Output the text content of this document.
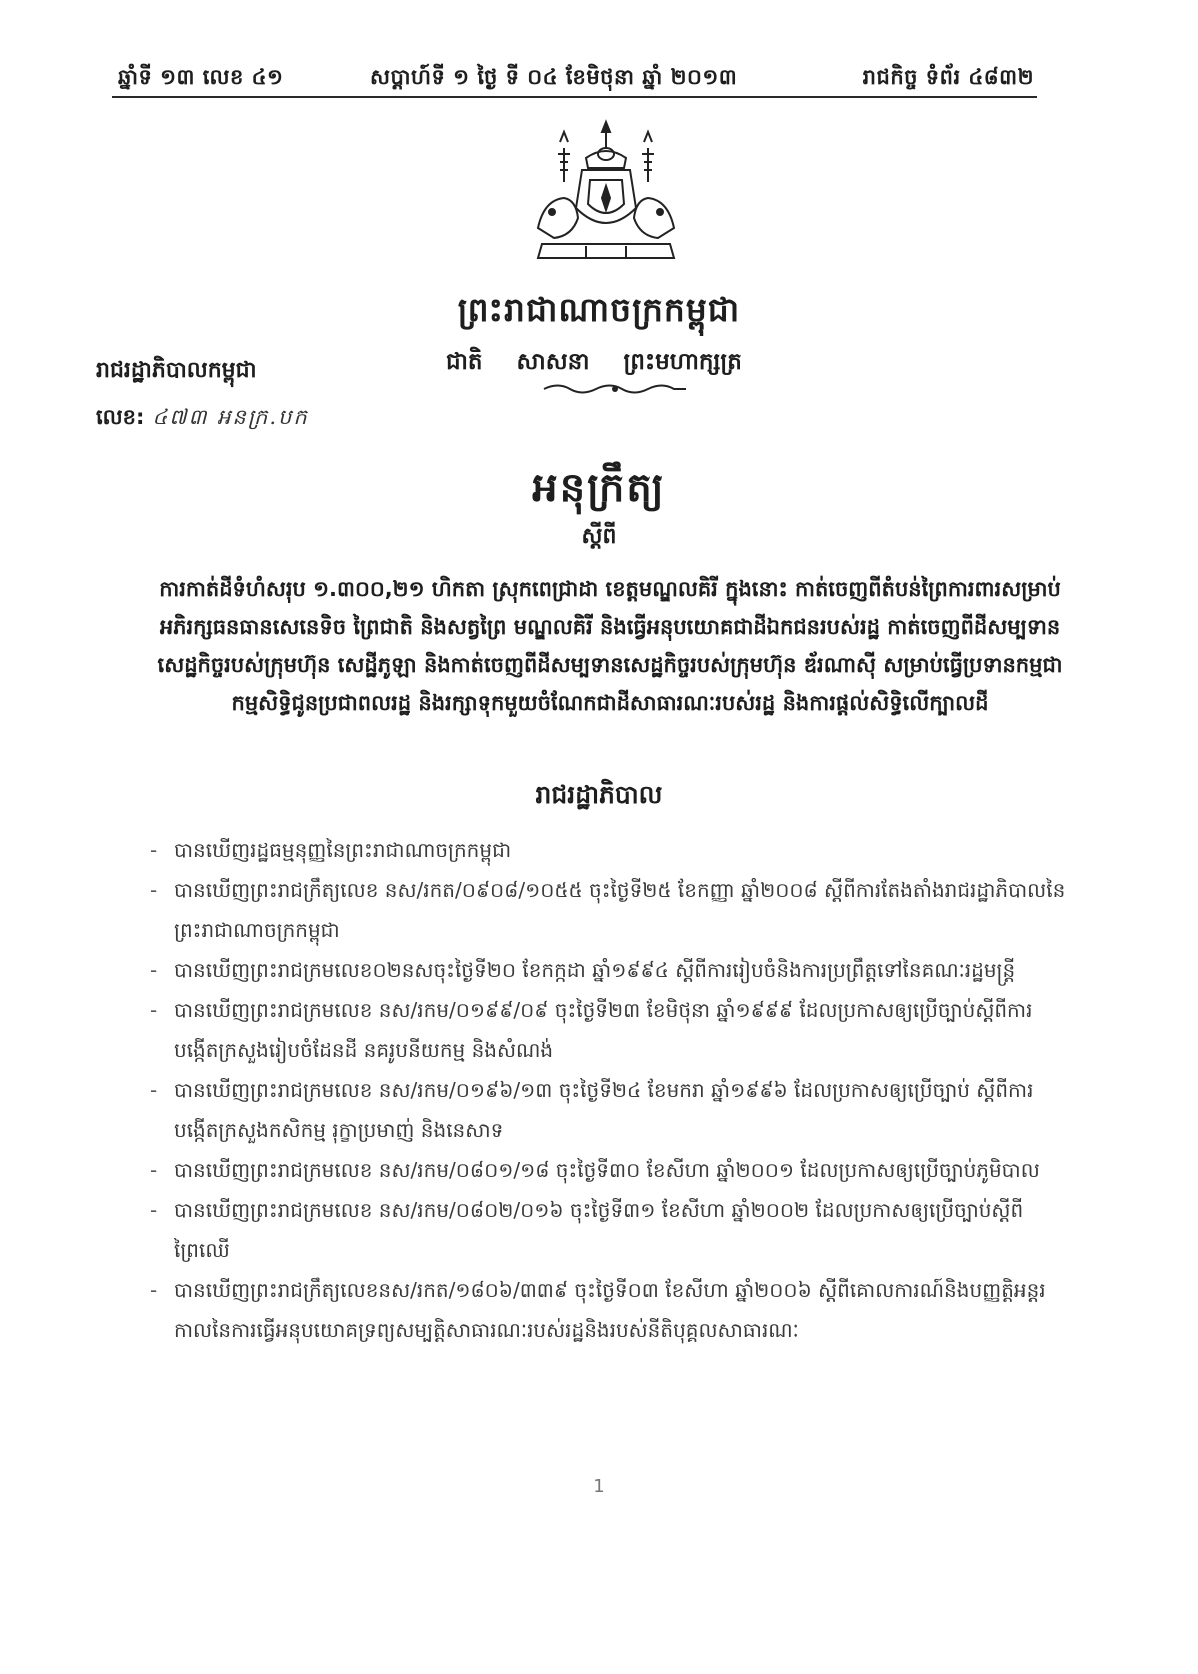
ឆ្នាំទី ១៣ លេខ ៤១	សប្តាហ៍ទី ១ ថ្ងៃ ទី ០៤ ខែមិថុនា ឆ្នាំ ២០១៣	រាជកិច្ច ទំព័រ ៤៨៣២
ព្រះរាជាណាចក្រកម្ពុជា
ជាតិ សាសនា ព្រះមហាក្សត្រ
រាជរដ្ឋាភិបាលកម្ពុជា
លេខ: ៤៧៣ ​អនក្រ.​បក
អនុក្រឹត្យ
ស្តីពី
ការកាត់ដីទំហំសរុប ១.៣០០,២១ ហិកតា ស្រុកពេជ្រាដា ខេត្តមណ្ឌលគិរី ក្នុងនោះ កាត់ចេញពីតំបន់ព្រៃការពារសម្រាប់អភិរក្សធនធានសេនេទិច ព្រៃជាតិ និងសត្វព្រៃ មណ្ឌលគិរី និងធ្វើអនុបយោគជាដីឯកជនរបស់រដ្ឋ កាត់ចេញពីដីសម្បទានសេដ្ឋកិច្ចរបស់ក្រុមហ៊ុន សេដ្ឋីភូឡា និងកាត់ចេញពីដីសម្បទានសេដ្ឋកិច្ចរបស់ក្រុមហ៊ុន ឌ័រណាស៊ី សម្រាប់ធ្វើប្រទានកម្មជាកម្មសិទ្ធិជូនប្រជាពលរដ្ឋ និងរក្សាទុកមួយចំណែកជាដីសាធារណៈរបស់រដ្ឋ និងការផ្តល់សិទ្ធិលើក្បាលដី
រាជរដ្ឋាភិបាល
- បានឃើញរដ្ឋធម្មនុញ្ញនៃព្រះរាជាណាចក្រកម្ពុជា
- បានឃើញព្រះរាជក្រឹត្យលេខ នស/រកត/០៩០៨/១០៥៥ ចុះថ្ងៃទី២៥ ខែកញ្ញា ឆ្នាំ២០០៨ ស្តីពីការតែងតាំងរាជរដ្ឋាភិបាលនៃព្រះរាជាណាចក្រកម្ពុជា
- បានឃើញព្រះរាជក្រមលេខ០២នសចុះថ្ងៃទី២០ ខែកក្កដា ឆ្នាំ១៩៩៤ ស្តីពីការរៀបចំនិងការប្រព្រឹត្តទៅនៃគណៈរដ្ឋមន្ត្រី
- បានឃើញព្រះរាជក្រមលេខ នស/រកម/០១៩៩/០៩ ចុះថ្ងៃទី២៣ ខែមិថុនា ឆ្នាំ១៩៩៩ ដែលប្រកាសឲ្យប្រើច្បាប់ស្តីពីការបង្កើតក្រសួងរៀបចំដែនដី នគរូបនីយកម្ម និងសំណង់
- បានឃើញព្រះរាជក្រមលេខ នស/រកម/០១៩៦/១៣ ចុះថ្ងៃទី២៤ ខែមករា ឆ្នាំ១៩៩៦ ដែលប្រកាសឲ្យប្រើច្បាប់ ស្តីពីការបង្កើតក្រសួងកសិកម្ម រុក្ខាប្រមាញ់ និងនេសាទ
- បានឃើញព្រះរាជក្រមលេខ នស/រកម/០៨០១/១៨ ចុះថ្ងៃទី៣០ ខែសីហា ឆ្នាំ២០០១ ដែលប្រកាសឲ្យប្រើច្បាប់ភូមិបាល
- បានឃើញព្រះរាជក្រមលេខ នស/រកម/០៨០២/០១៦ ចុះថ្ងៃទី៣១ ខែសីហា ឆ្នាំ២០០២ ដែលប្រកាសឲ្យប្រើច្បាប់ស្តីពីព្រៃឈើ
- បានឃើញព្រះរាជក្រឹត្យលេខនស/រកត/១៨០៦/៣៣៩ ចុះថ្ងៃទី០៣ ខែសីហា ឆ្នាំ២០០៦ ស្តីពីគោលការណ៍និងបញ្ញត្តិអន្តរកាលនៃការធ្វើអនុបយោគទ្រព្យសម្បត្តិសាធារណៈរបស់រដ្ឋនិងរបស់នីតិបុគ្គលសាធារណៈ
1
